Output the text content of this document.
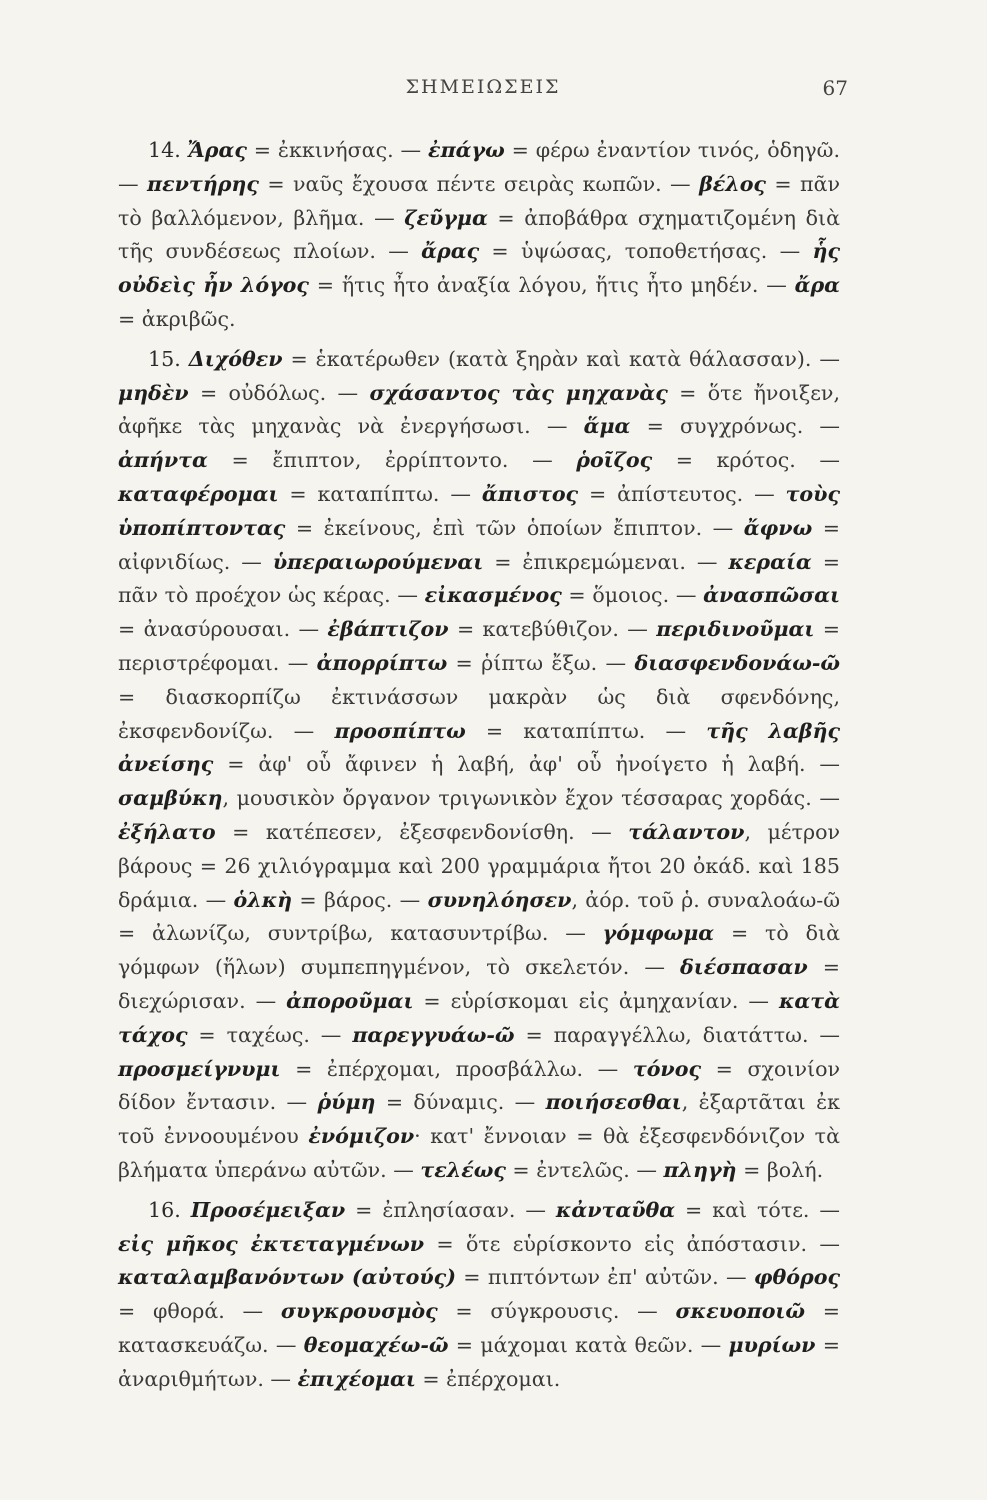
ΣΗΜΕΙΩΣΕΙΣ	67

14. Ἄρας = ἐκκινήσας. — ἐπάγω = φέρω ἐναντίον τινός, ὁδηγῶ. — πεντήρης = ναῦς ἔχουσα πέντε σειρὰς κωπῶν. — βέλος = πᾶν τὸ βαλλόμενον, βλῆμα. — ζεῦγμα = ἀποβάθρα σχηματιζομένη διὰ τῆς συνδέσεως πλοίων. — ἄρας = ὑψώσας, τοποθετήσας. — ἧς οὐδεὶς ἦν λόγος = ἥτις ἦτο ἀναξία λόγου, ἥτις ἦτο μηδέν. — ἄρα = ἀκριβῶς.

15. Διχόθεν = ἑκατέρωθεν (κατὰ ξηρὰν καὶ κατὰ θάλασσαν). — μηδὲν = οὐδόλως. — σχάσαντος τὰς μηχανὰς = ὅτε ἤνοιξεν, ἀφῆκε τὰς μηχανὰς νὰ ἐνεργήσωσι. — ἅμα = συγχρόνως. — ἀπήντα = ἔπιπτον, ἐρρίπτοντο. — ῥοῖζος = κρότος. — καταφέρομαι = καταπίπτω. — ἄπιστος = ἀπίστευτος. — τοὺς ὑποπίπτοντας = ἐκείνους, ἐπὶ τῶν ὁποίων ἔπιπτον. — ἄφνω = αἰφνιδίως. — ὑπεραιωρούμεναι = ἐπικρεμώμεναι. — κεραία = πᾶν τὸ προέχον ὡς κέρας. — εἰκασμένος = ὅμοιος. — ἀνασπῶσαι = ἀνασύρουσαι. — ἐβάπτιζον = κατεβύθιζον. — περιδινοῦμαι = περιστρέφομαι. — ἀπορρίπτω = ῥίπτω ἔξω. — διασφενδονάω-ῶ = διασκορπίζω ἐκτινάσσων μακρὰν ὡς διὰ σφενδόνης, ἐκσφενδονίζω. — προσπίπτω = καταπίπτω. — τῆς λαβῆς ἀνείσης = ἀφ' οὗ ἄφινεν ἡ λαβή, ἀφ' οὗ ἠνοίγετο ἡ λαβή. — σαμβύκη, μουσικὸν ὄργανον τριγωνικὸν ἔχον τέσσαρας χορδάς. — ἐξήλατο = κατέπεσεν, ἐξεσφενδονίσθη. — τάλαντον, μέτρον βάρους = 26 χιλιόγραμμα καὶ 200 γραμμάρια ἤτοι 20 ὀκάδ. καὶ 185 δράμια. — ὁλκὴ = βάρος. — συνηλόησεν, ἀόρ. τοῦ ῥ. συναλοάω-ῶ = ἀλωνίζω, συντρίβω, κατασυντρίβω. — γόμφωμα = τὸ διὰ γόμφων (ἥλων) συμπεπηγμένον, τὸ σκελετόν. — διέσπασαν = διεχώρισαν. — ἀποροῦμαι = εὑρίσκομαι εἰς ἀμηχανίαν. — κατὰ τάχος = ταχέως. — παρεγγυάω-ῶ = παραγγέλλω, διατάττω. — προσμείγνυμι = ἐπέρχομαι, προσβάλλω. — τόνος = σχοινίον δίδον ἔντασιν. — ῥύμη = δύναμις. — ποιήσεσθαι, ἐξαρτᾶται ἐκ τοῦ ἐννοουμένου ἐνόμιζον· κατ' ἔννοιαν = θὰ ἐξεσφενδόνιζον τὰ βλήματα ὑπεράνω αὐτῶν. — τελέως = ἐντελῶς. — πληγὴ = βολή.

16. Προσέμειξαν = ἐπλησίασαν. — κἀνταῦθα = καὶ τότε. — εἰς μῆκος ἐκτεταγμένων = ὅτε εὑρίσκοντο εἰς ἀπόστασιν. — καταλαμβανόντων (αὐτούς) = πιπτόντων ἐπ' αὐτῶν. — φθόρος = φθορά. — συγκρουσμὸς = σύγκρουσις. — σκευοποιῶ = κατασκευάζω. — θεομαχέω-ῶ = μάχομαι κατὰ θεῶν. — μυρίων = ἀναριθμήτων. — ἐπιχέομαι = ἐπέρχομαι.
